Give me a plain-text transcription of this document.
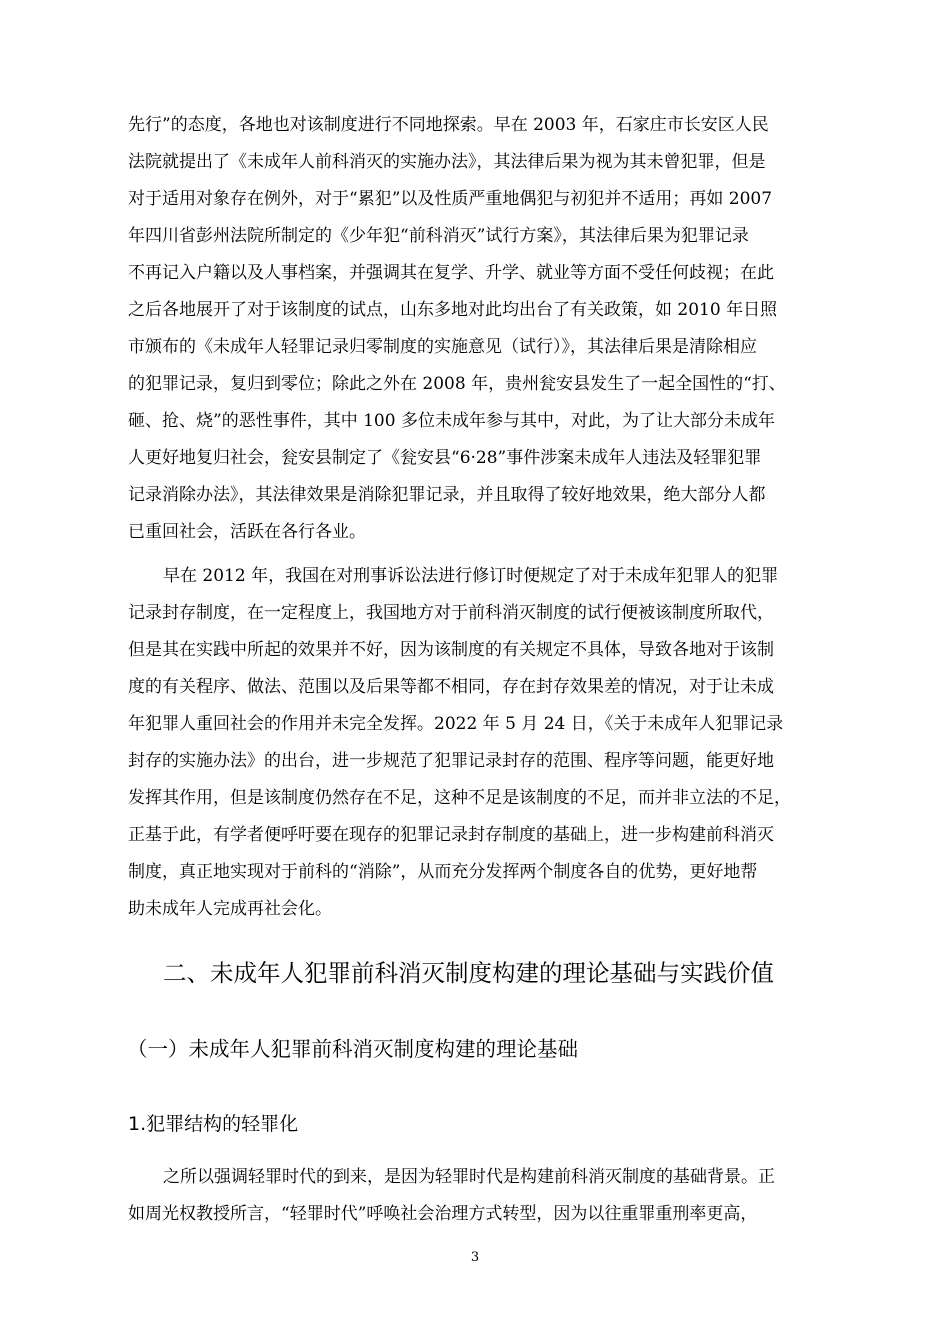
先行”的态度，各地也对该制度进行不同地探索。早在 2003 年，石家庄市长安区人民
法院就提出了《未成年人前科消灭的实施办法》，其法律后果为视为其未曾犯罪，但是
对于适用对象存在例外，对于“累犯”以及性质严重地偶犯与初犯并不适用；再如 2007
年四川省彭州法院所制定的《少年犯“前科消灭”试行方案》，其法律后果为犯罪记录
不再记入户籍以及人事档案，并强调其在复学、升学、就业等方面不受任何歧视；在此
之后各地展开了对于该制度的试点，山东多地对此均出台了有关政策，如 2010 年日照
市颁布的《未成年人轻罪记录归零制度的实施意见（试行）》，其法律后果是清除相应
的犯罪记录，复归到零位；除此之外在 2008 年，贵州瓮安县发生了一起全国性的“打、
砸、抢、烧”的恶性事件，其中 100 多位未成年参与其中，对此，为了让大部分未成年
人更好地复归社会，瓮安县制定了《瓮安县“6·28”事件涉案未成年人违法及轻罪犯罪
记录消除办法》，其法律效果是消除犯罪记录，并且取得了较好地效果，绝大部分人都
已重回社会，活跃在各行各业。
早在 2012 年，我国在对刑事诉讼法进行修订时便规定了对于未成年犯罪人的犯罪
记录封存制度，在一定程度上，我国地方对于前科消灭制度的试行便被该制度所取代，
但是其在实践中所起的效果并不好，因为该制度的有关规定不具体，导致各地对于该制
度的有关程序、做法、范围以及后果等都不相同，存在封存效果差的情况，对于让未成
年犯罪人重回社会的作用并未完全发挥。2022 年 5 月 24 日，《关于未成年人犯罪记录
封存的实施办法》的出台，进一步规范了犯罪记录封存的范围、程序等问题，能更好地
发挥其作用，但是该制度仍然存在不足，这种不足是该制度的不足，而并非立法的不足，
正基于此，有学者便呼吁要在现存的犯罪记录封存制度的基础上，进一步构建前科消灭
制度，真正地实现对于前科的“消除”，从而充分发挥两个制度各自的优势，更好地帮
助未成年人完成再社会化。
二、未成年人犯罪前科消灭制度构建的理论基础与实践价值
（一）未成年人犯罪前科消灭制度构建的理论基础
1.犯罪结构的轻罪化
之所以强调轻罪时代的到来，是因为轻罪时代是构建前科消灭制度的基础背景。正
如周光权教授所言，“轻罪时代”呼唤社会治理方式转型，因为以往重罪重刑率更高，
3
